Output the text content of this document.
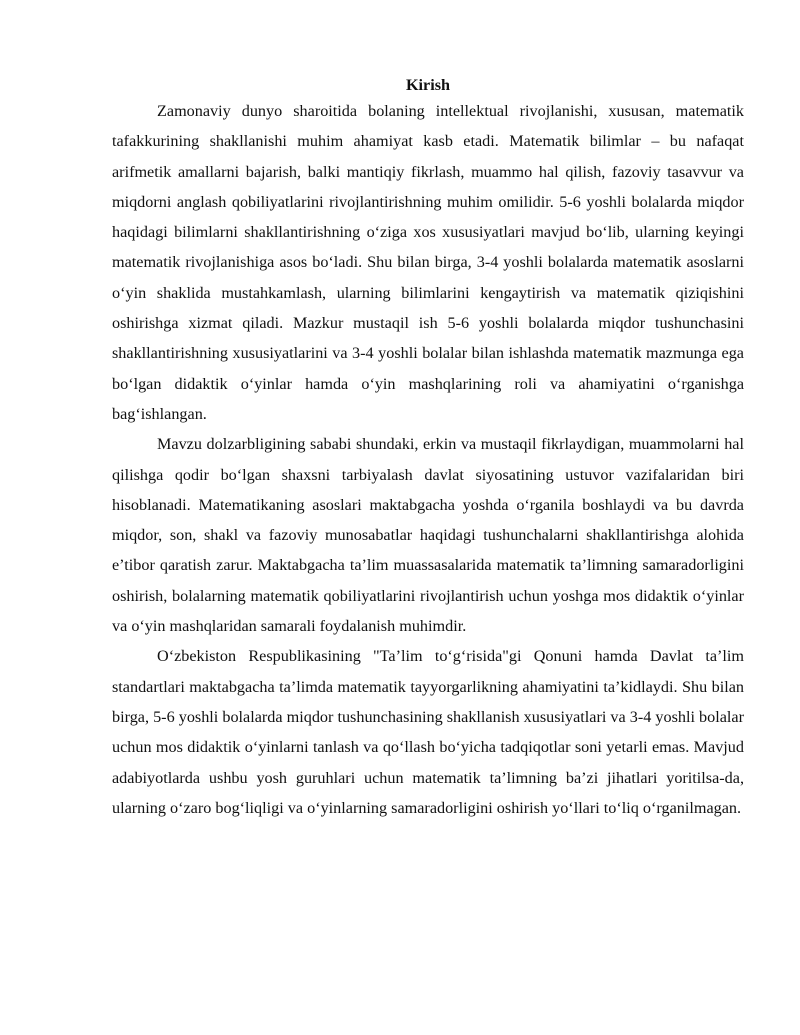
Kirish

Zamonaviy dunyo sharoitida bolaning intellektual rivojlanishi, xususan, matematik tafakkurining shakllanishi muhim ahamiyat kasb etadi. Matematik bilimlar – bu nafaqat arifmetik amallarni bajarish, balki mantiqiy fikrlash, muammo hal qilish, fazoviy tasavvur va miqdorni anglash qobiliyatlarini rivojlantirishning muhim omilidir. 5-6 yoshli bolalarda miqdor haqidagi bilimlarni shakllantirishning o‘ziga xos xususiyatlari mavjud bo‘lib, ularning keyingi matematik rivojlanishiga asos bo‘ladi. Shu bilan birga, 3-4 yoshli bolalarda matematik asoslarni o‘yin shaklida mustahkamlash, ularning bilimlarini kengaytirish va matematik qiziqishini oshirishga xizmat qiladi. Mazkur mustaqil ish 5-6 yoshli bolalarda miqdor tushunchasini shakllantirishning xususiyatlarini va 3-4 yoshli bolalar bilan ishlashda matematik mazmunga ega bo‘lgan didaktik o‘yinlar hamda o‘yin mashqlarining roli va ahamiyatini o‘rganishga bag‘ishlangan.

Mavzu dolzarbligining sababi shundaki, erkin va mustaqil fikrlaydigan, muammolarni hal qilishga qodir bo‘lgan shaxsni tarbiyalash davlat siyosatining ustuvor vazifalaridan biri hisoblanadi. Matematikaning asoslari maktabgacha yoshda o‘rganila boshlaydi va bu davrda miqdor, son, shakl va fazoviy munosabatlar haqidagi tushunchalarni shakllantirishga alohida e’tibor qaratish zarur. Maktabgacha ta’lim muassasalarida matematik ta’limning samaradorligini oshirish, bolalarning matematik qobiliyatlarini rivojlantirish uchun yoshga mos didaktik o‘yinlar va o‘yin mashqlaridan samarali foydalanish muhimdir.

O‘zbekiston Respublikasining "Ta’lim to‘g‘risida"gi Qonuni hamda Davlat ta’lim standartlari maktabgacha ta’limda matematik tayyorgarlikning ahamiyatini ta’kidlaydi. Shu bilan birga, 5-6 yoshli bolalarda miqdor tushunchasining shakllanish xususiyatlari va 3-4 yoshli bolalar uchun mos didaktik o‘yinlarni tanlash va qo‘llash bo‘yicha tadqiqotlar soni yetarli emas. Mavjud adabiyotlarda ushbu yosh guruhlari uchun matematik ta’limning ba’zi jihatlari yoritilsa-da, ularning o‘zaro bog‘liqligi va o‘yinlarning samaradorligini oshirish yo‘llari to‘liq o‘rganilmagan.
